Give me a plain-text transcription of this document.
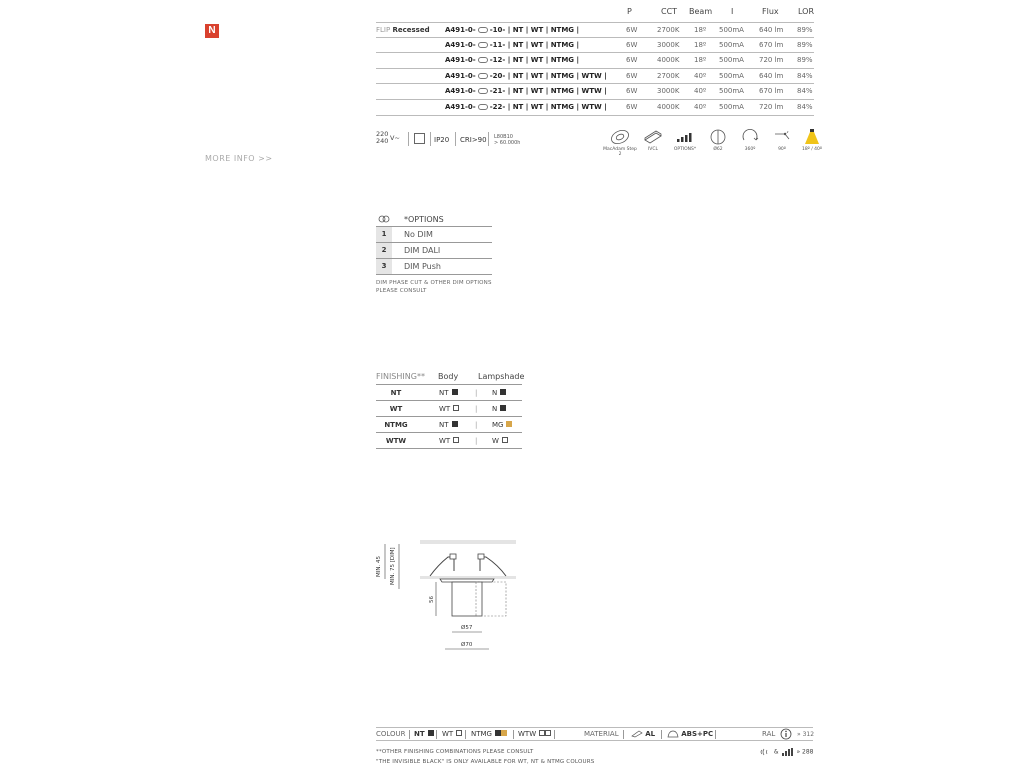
N
MORE INFO >>
P	CCT Beam I	Flux LOR
FLIP Recessed A491-0- -10- | NT | WT | NTMG |	6W	2700K 18º 500mA 640 lm 89%
A491-0- -11- | NT | WT | NTMG |	6W	3000K 18º 500mA 670 lm 89%
A491-0- -12- | NT | WT | NTMG |	6W	4000K 18º 500mA 720 lm 89%
A491-0- -20- | NT | WT | NTMG | WTW |	6W	2700K 40º 500mA 640 lm 84%
A491-0- -21- | NT | WT | NTMG | WTW |	6W	3000K 40º 500mA 670 lm 84%
A491-0- -22- | NT | WT | NTMG | WTW |	6W	4000K 40º 500mA 720 lm 84%
220
240 V~	IP20 CRI>90 L80B10
> 60.000h
MacAdam Step 2
IVCL	OPTIONS*	Ø62	360º	90º	18º / 40º
*OPTIONS
1	No DIM
2	DIM DALI
3	DIM Push
DIM PHASE CUT & OTHER DIM OPTIONS
PLEASE CONSULT
FINISHING** Body Lampshade
NT	NT	| N
WT	WT	| N
NTMG	NT	| MG
WTW	WT	| W
MIN. 45 MIN. 75 [DIM]
56
Ø57
Ø70
COLOUR NT	WT	NTMG	WTW	MATERIAL	AL	ABS+PC	RAL	» 312
**OTHER FINISHING COMBINATIONS PLEASE CONSULT
"THE INVISIBLE BLACK" IS ONLY AVAILABLE FOR WT, NT & NTMG COLOURS
&	» 288
